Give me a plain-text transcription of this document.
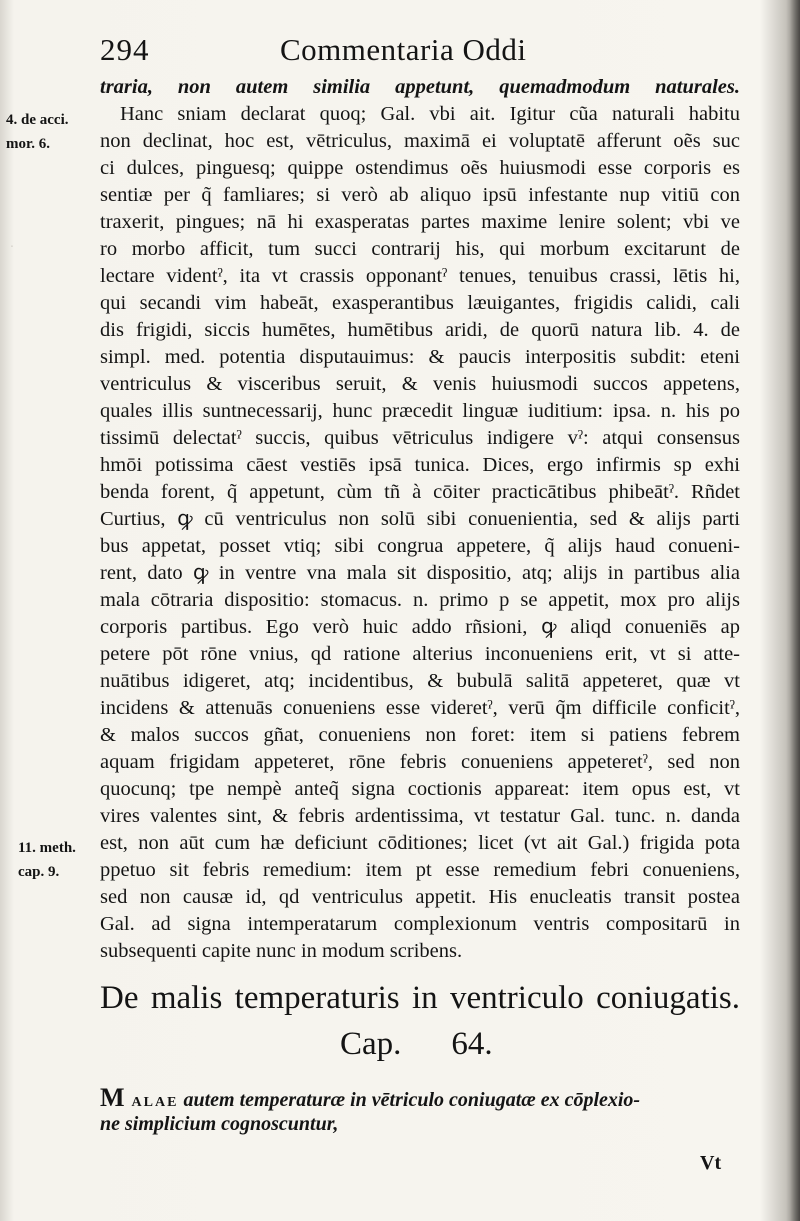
·
294	Commentaria Oddi
4. de acci.
mor. 6.
11. meth.
cap. 9.
traria, non autem similia appetunt, quemadmodum naturales.
Hanc sniam declarat quoq; Gal. vbi ait. Igitur cũa naturali habitu
non declinat, hoc est, vētriculus, maximā ei voluptatē afferunt oẽs suc
ci dulces, pinguesq; quippe ostendimus oẽs huiusmodi esse corporis es
sentiæ per q̃ famliares; si verò ab aliquo ipsū infestante nup vitiū con
traxerit, pingues; nā hi exasperatas partes maxime lenire solent; vbi ve
ro morbo afficit, tum succi contrarij his, qui morbum excitarunt de
lectare videntˀ, ita vt crassis opponantˀ tenues, tenuibus crassi, lētis hi,
qui secandi vim habeāt, exasperantibus læuigantes, frigidis calidi, cali
dis frigidi, siccis humētes, humētibus aridi, de quorū natura lib. 4. de
simpl. med. potentia disputauimus: & paucis interpositis subdit: eteni
ventriculus & visceribus seruit, & venis huiusmodi succos appetens,
quales illis suntnecessarij, hunc præcedit linguæ iuditium: ipsa. n. his po
tissimū delectatˀ succis, quibus vētriculus indigere vˀ: atqui consensus
hmōi potissima cāest vestiēs ipsā tunica. Dices, ergo infirmis sp exhi
benda forent, q̃ appetunt, cùm tñ à cōiter practicātibus phibeātˀ. Rñdet
Curtius, ꝙ cū ventriculus non solū sibi conuenientia, sed & alijs parti
bus appetat, posset vtiq; sibi congrua appetere, q̃ alijs haud conueni-
rent, dato ꝙ in ventre vna mala sit dispositio, atq; alijs in partibus alia
mala cōtraria dispositio: stomacus. n. primo p se appetit, mox pro alijs
corporis partibus. Ego verò huic addo rñsioni, ꝙ aliqd conueniēs ap
petere pōt rōne vnius, qd ratione alterius inconueniens erit, vt si atte-
nuātibus idigeret, atq; incidentibus, & bubulā salitā appeteret, quæ vt
incidens & attenuās conueniens esse videretˀ, verū q̃m difficile conficitˀ,
& malos succos gñat, conueniens non foret: item si patiens febrem
aquam frigidam appeteret, rōne febris conueniens appeteretˀ, sed non
quocunq; tpe nempè anteq̃ signa coctionis appareat: item opus est, vt
vires valentes sint, & febris ardentissima, vt testatur Gal. tunc. n. danda
est, non aūt cum hæ deficiunt cōditiones; licet (vt ait Gal.) frigida pota
ppetuo sit febris remedium: item pt esse remedium febri conueniens,
sed non causæ id, qd ventriculus appetit. His enucleatis transit postea
Gal. ad signa intemperatarum complexionum ventris compositarū in
subsequenti capite nunc in modum scribens.
De malis temperaturis in ventriculo coniugatis.
Cap. 64.
M alae autem temperaturæ in vētriculo coniugatæ ex cōplexio-
ne simplicium cognoscuntur,
Vt
